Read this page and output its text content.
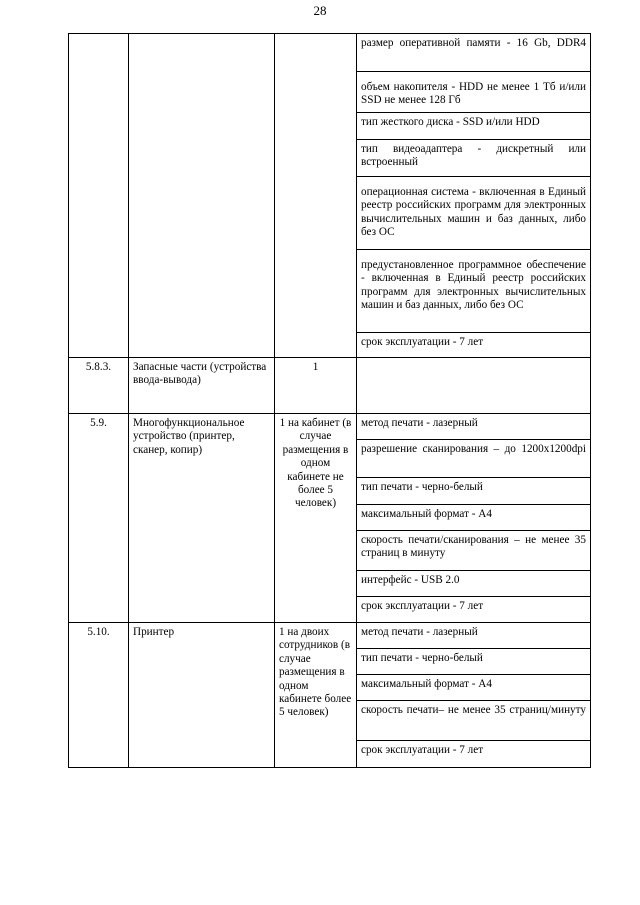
28
			размер оперативной памяти - 16 Gb, DDR4
			объем накопителя - HDD не менее 1 Тб и/или SSD не менее 128 Гб
			тип жесткого диска - SSD и/или HDD
			тип видеоадаптера - дискретный или встроенный
			операционная система - включенная в Единый реестр российских программ для электронных вычислительных машин и баз данных, либо без ОС
			предустановленное программное обеспечение - включенная в Единый реестр российских программ для электронных вычислительных машин и баз данных, либо без ОС
			срок эксплуатации - 7 лет
5.8.3.	Запасные части (устройства ввода-вывода)	1	
5.9.	Многофункциональное устройство (принтер, сканер, копир)	1 на кабинет (в случае размещения в одном кабинете не более 5 человек)	метод печати - лазерный
			разрешение сканирования – до 1200x1200dpi
			тип печати - черно-белый
			максимальный формат - А4
			скорость печати/сканирования – не менее 35 страниц в минуту
			интерфейс - USB 2.0
			срок эксплуатации - 7 лет
5.10.	Принтер	1 на двоих сотрудников (в случае размещения в одном кабинете более 5 человек)	метод печати - лазерный
			тип печати - черно-белый
			максимальный формат - А4
			скорость печати– не менее 35 страниц/минуту
			срок эксплуатации - 7 лет
